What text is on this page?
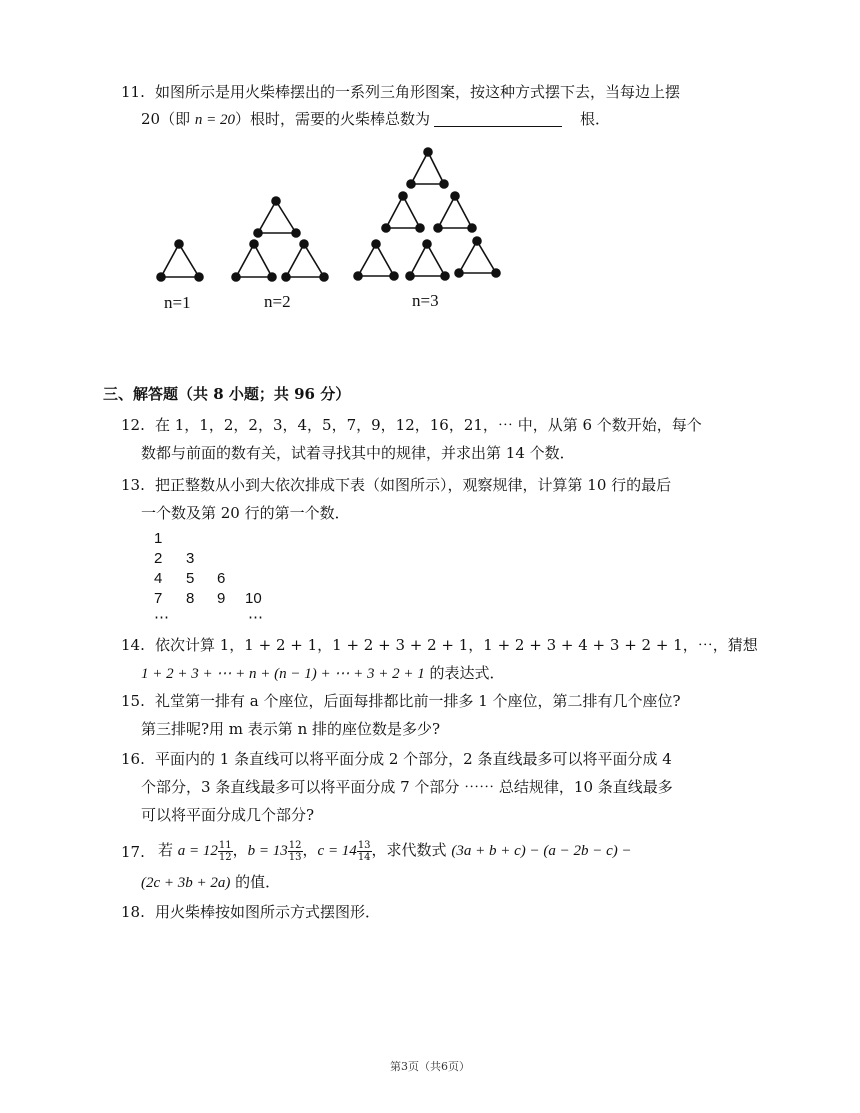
11. 如图所示是用火柴棒摆出的一系列三角形图案，按这种方式摆下去，当每边上摆
20（即 n = 20）根时，需要的火柴棒总数为	根．
n=1	n=2	n=3
三、解答题（共 8 小题；共 96 分）
12. 在 1，1，2，2，3，4，5，7，9，12，16，21，⋯ 中，从第 6 个数开始，每个
数都与前面的数有关，试着寻找其中的规律，并求出第 14 个数．
13. 把正整数从小到大依次排成下表（如图所示），观察规律，计算第 10 行的最后
一个数及第 20 行的第一个数．
1
2 3
4 5 6
7 8 9 10
⋯	⋯
14. 依次计算 1，1 + 2 + 1，1 + 2 + 3 + 2 + 1，1 + 2 + 3 + 4 + 3 + 2 + 1，⋯，猜想
1 + 2 + 3 + ⋯ + n + (n − 1) + ⋯ + 3 + 2 + 1 的表达式．
15. 礼堂第一排有 a 个座位，后面每排都比前一排多 1 个座位，第二排有几个座位?
第三排呢?用 m 表示第 n 排的座位数是多少?
16. 平面内的 1 条直线可以将平面分成 2 个部分，2 条直线最多可以将平面分成 4
个部分，3 条直线最多可以将平面分成 7 个部分 ⋯⋯ 总结规律，10 条直线最多
可以将平面分成几个部分?
17. 若 $a = 12 \frac{11}{12}$ ，$b = 13 \frac{12}{13}$ ，$c = 14 \frac{13}{14}$ ，求代数式 (3a + b + c) − (a − 2b − c) −
(2c + 3b + 2a) 的值．
18. 用火柴棒按如图所示方式摆图形．
第3页（共6页）
